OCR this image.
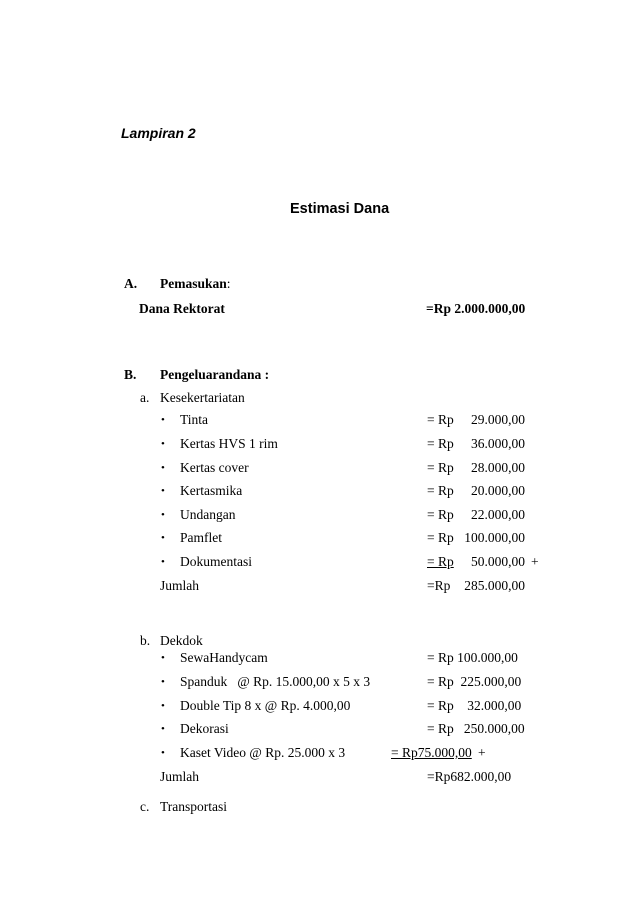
Lampiran 2
Estimasi Dana
A. Pemasukan:
Dana Rektorat	=Rp 2.000.000,00
B. Pengeluarandana :
a. Kesekertariatan
• Tinta	= Rp	29.000,00
• Kertas HVS 1 rim	= Rp	36.000,00
• Kertas cover	= Rp	28.000,00
• Kertasmika	= Rp	20.000,00
• Undangan	= Rp	22.000,00
• Pamflet	= Rp 100.000,00
• Dokumentasi	= Rp 50.000,00 +
Jumlah	=Rp	285.000,00
b. Dekdok
• SewaHandycam	= Rp 100.000,00
• Spanduk   @ Rp. 15.000,00 x 5 x 3	= Rp  225.000,00
• Double Tip 8 x @ Rp. 4.000,00	= Rp    32.000,00
• Dekorasi	= Rp   250.000,00
• Kaset Video @ Rp. 25.000 x 3	= Rp75.000,00 +
Jumlah	=Rp682.000,00
c. Transportasi
